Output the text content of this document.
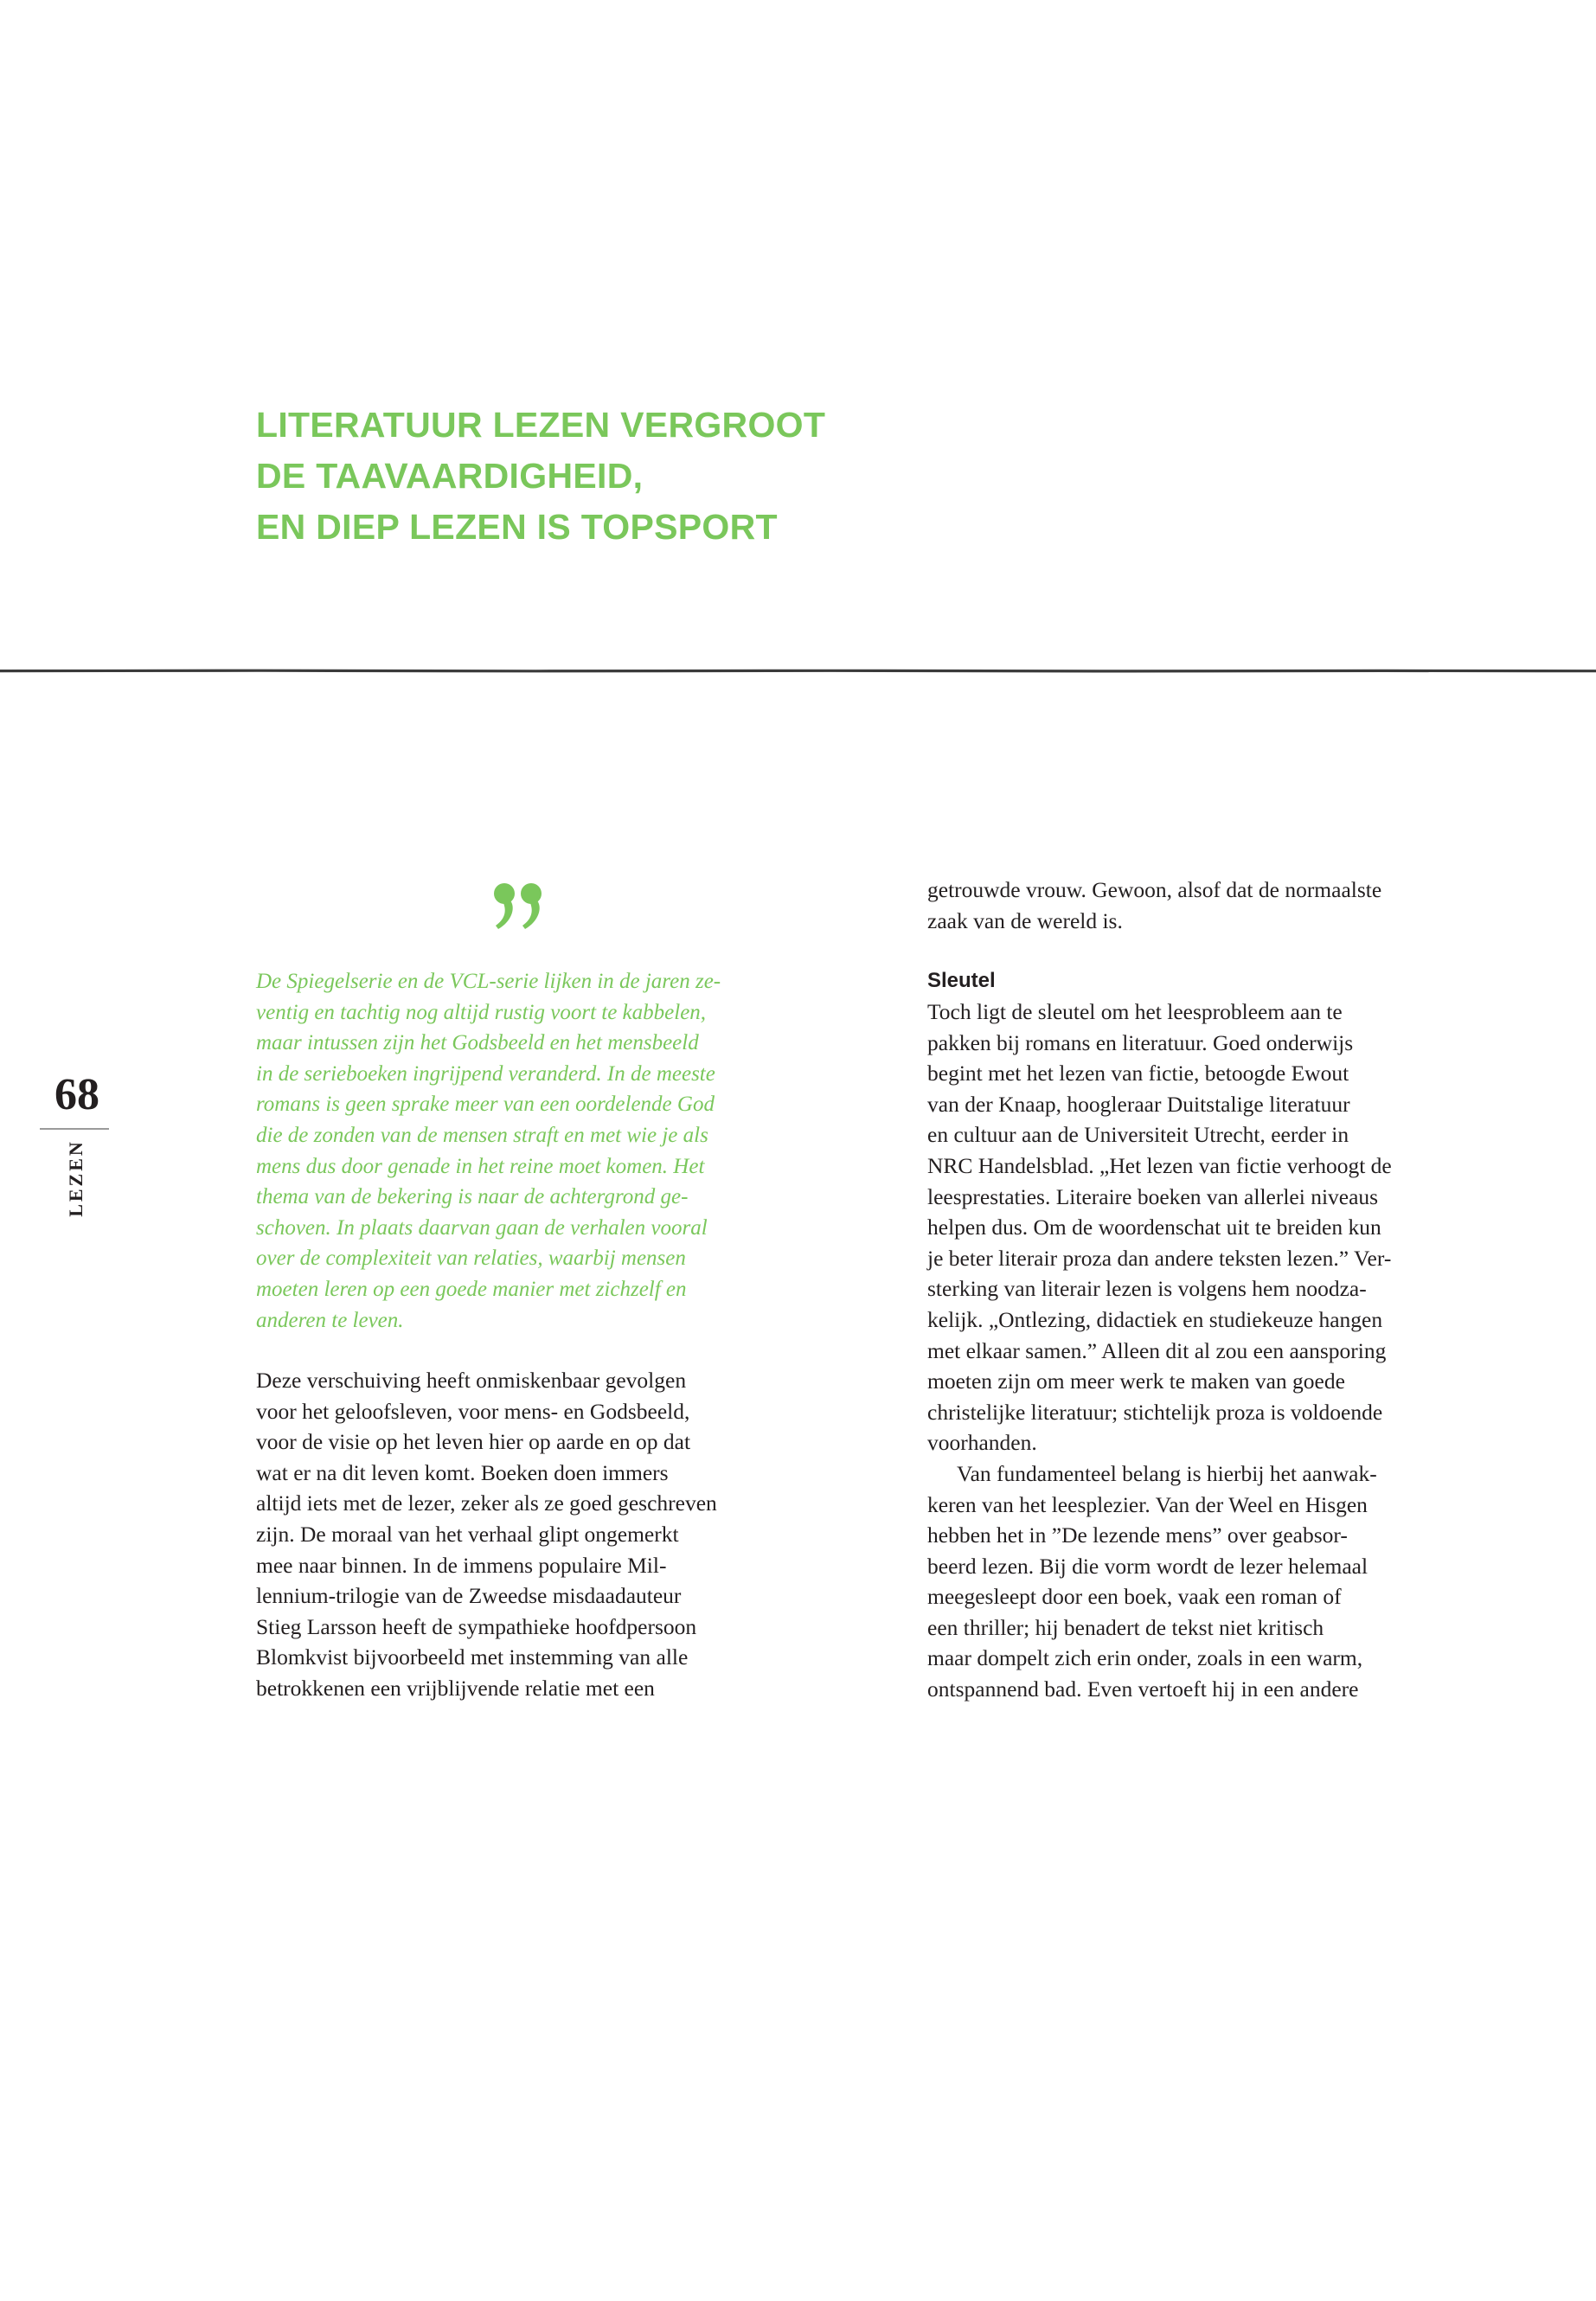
LITERATUUR LEZEN VERGROOT
DE TAAVAARDIGHEID,
EN DIEP LEZEN IS TOPSPORT
68
LEZEN
De Spiegelserie en de VCL-serie lijken in de jaren ze-
ventig en tachtig nog altijd rustig voort te kabbelen,
maar intussen zijn het Godsbeeld en het mensbeeld
in de serieboeken ingrijpend veranderd. In de meeste
romans is geen sprake meer van een oordelende God
die de zonden van de mensen straft en met wie je als
mens dus door genade in het reine moet komen. Het
thema van de bekering is naar de achtergrond ge-
schoven. In plaats daarvan gaan de verhalen vooral
over de complexiteit van relaties, waarbij mensen
moeten leren op een goede manier met zichzelf en
anderen te leven.
Deze verschuiving heeft onmiskenbaar gevolgen
voor het geloofsleven, voor mens- en Godsbeeld,
voor de visie op het leven hier op aarde en op dat
wat er na dit leven komt. Boeken doen immers
altijd iets met de lezer, zeker als ze goed geschreven
zijn. De moraal van het verhaal glipt ongemerkt
mee naar binnen. In de immens populaire Mil-
lennium-trilogie van de Zweedse misdaadauteur
Stieg Larsson heeft de sympathieke hoofdpersoon
Blomkvist bijvoorbeeld met instemming van alle
betrokkenen een vrijblijvende relatie met een
getrouwde vrouw. Gewoon, alsof dat de normaalste
zaak van de wereld is.
Sleutel
Toch ligt de sleutel om het leesprobleem aan te
pakken bij romans en literatuur. Goed onderwijs
begint met het lezen van fictie, betoogde Ewout
van der Knaap, hoogleraar Duitstalige literatuur
en cultuur aan de Universiteit Utrecht, eerder in
NRC Handelsblad. „Het lezen van fictie verhoogt de
leesprestaties. Literaire boeken van allerlei niveaus
helpen dus. Om de woordenschat uit te breiden kun
je beter literair proza dan andere teksten lezen.” Ver-
sterking van literair lezen is volgens hem noodza-
kelijk. „Ontlezing, didactiek en studiekeuze hangen
met elkaar samen.” Alleen dit al zou een aansporing
moeten zijn om meer werk te maken van goede
christelijke literatuur; stichtelijk proza is voldoende
voorhanden.
Van fundamenteel belang is hierbij het aanwak-
keren van het leesplezier. Van der Weel en Hisgen
hebben het in ”De lezende mens” over geabsor-
beerd lezen. Bij die vorm wordt de lezer helemaal
meegesleept door een boek, vaak een roman of
een thriller; hij benadert de tekst niet kritisch
maar dompelt zich erin onder, zoals in een warm,
ontspannend bad. Even vertoeft hij in een andere
